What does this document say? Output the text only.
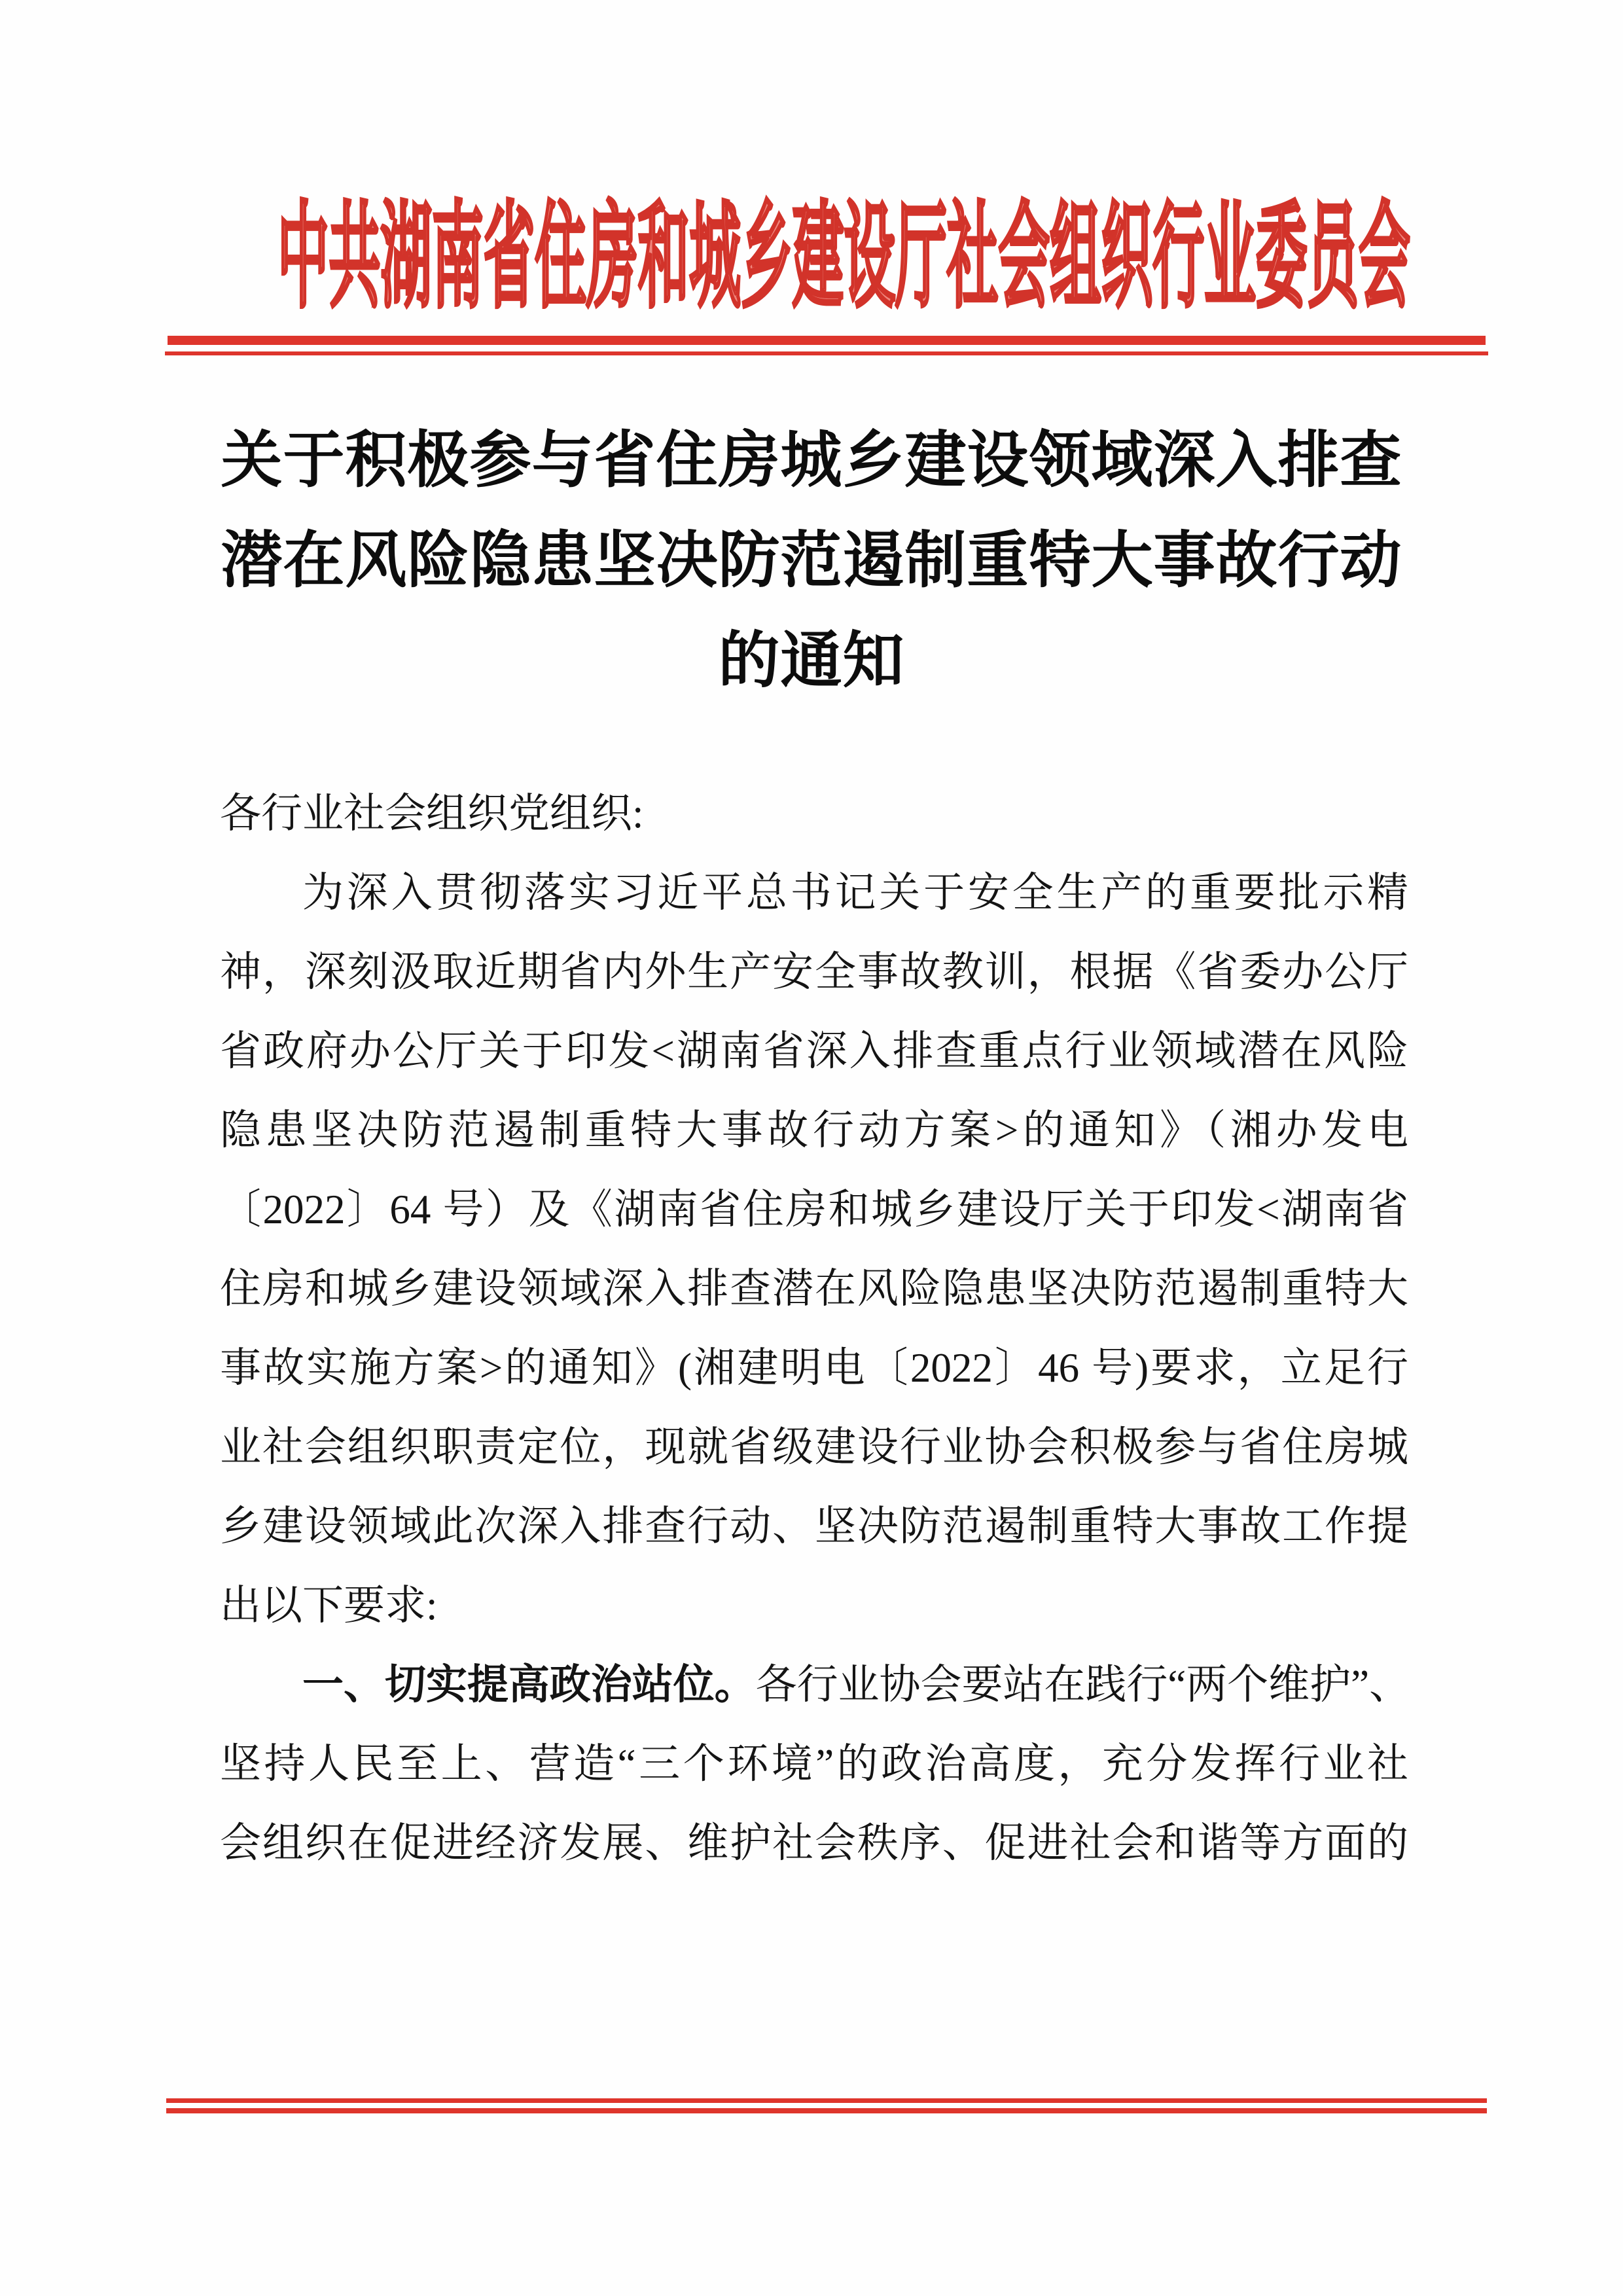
中共湖南省住房和城乡建设厅社会组织行业委员会
关于积极参与省住房城乡建设领域深入排查
潜在风险隐患坚决防范遏制重特大事故行动
的通知
各行业社会组织党组织:
为深入贯彻落实习近平总书记关于安全生产的重要批示精
神，深刻汲取近期省内外生产安全事故教训，根据《省委办公厅
省政府办公厅关于印发<湖南省深入排查重点行业领域潜在风险
隐患坚决防范遏制重特大事故行动方案>的通知》（湘办发电
〔2022〕64 号）及《湖南省住房和城乡建设厅关于印发<湖南省
住房和城乡建设领域深入排查潜在风险隐患坚决防范遏制重特大
事故实施方案>的通知》(湘建明电〔2022〕46 号)要求，立足行
业社会组织职责定位，现就省级建设行业协会积极参与省住房城
乡建设领域此次深入排查行动、坚决防范遏制重特大事故工作提
出以下要求:
一、切实提高政治站位。各行业协会要站在践行“两个维护”、
坚持人民至上、营造“三个环境”的政治高度，充分发挥行业社
会组织在促进经济发展、维护社会秩序、促进社会和谐等方面的
